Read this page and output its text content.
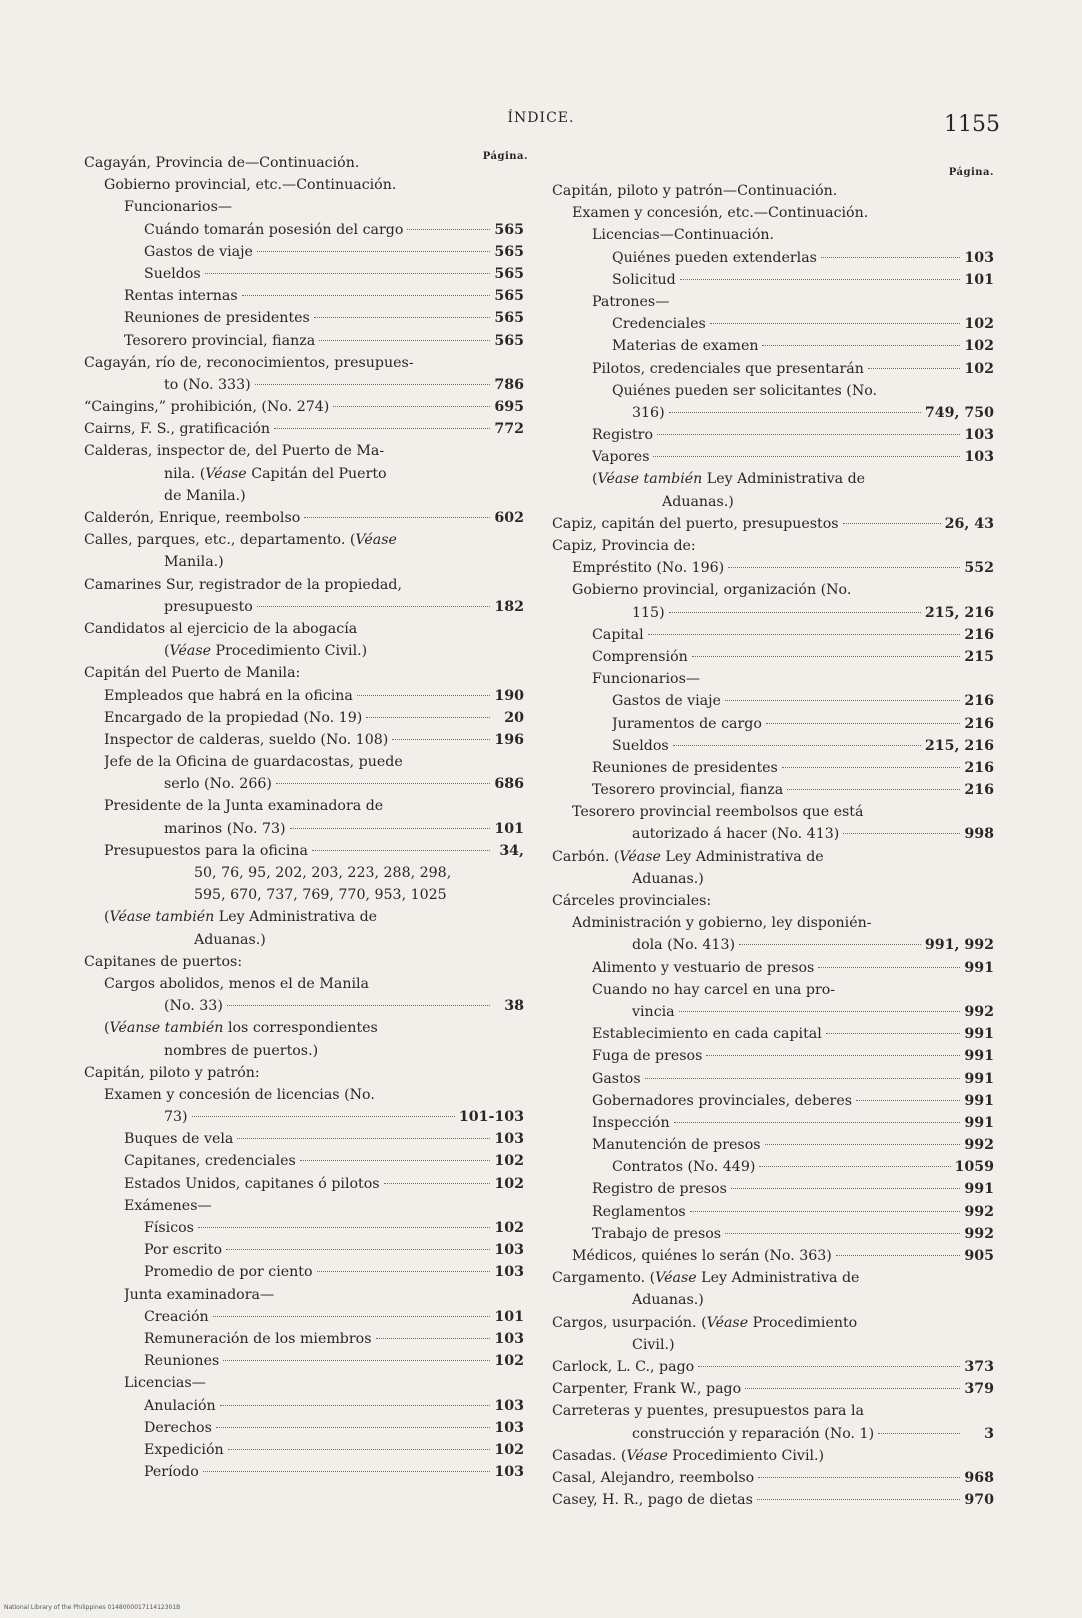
ÍNDICE.	1155
Página.
Cagayán, Provincia de—Continuación.
Gobierno provincial, etc.—Continuación.
Funcionarios—
Cuándo tomarán posesión del cargo	565
Gastos de viaje	565
Sueldos	565
Rentas internas	565
Reuniones de presidentes	565
Tesorero provincial, fianza	565
Cagayán, río de, reconocimientos, presupues-
to (No. 333)	786
“Caingins,” prohibición, (No. 274)	695
Cairns, F. S., gratificación	772
Calderas, inspector de, del Puerto de Ma-
nila. (Véase Capitán del Puerto
de Manila.)
Calderón, Enrique, reembolso	602
Calles, parques, etc., departamento. (Véase
Manila.)
Camarines Sur, registrador de la propiedad,
presupuesto	182
Candidatos al ejercicio de la abogacía
(Véase Procedimiento Civil.)
Capitán del Puerto de Manila:
Empleados que habrá en la oficina	190
Encargado de la propiedad (No. 19)	20
Inspector de calderas, sueldo (No. 108)	196
Jefe de la Oficina de guardacostas, puede
serlo (No. 266)	686
Presidente de la Junta examinadora de
marinos (No. 73)	101
Presupuestos para la oficina	34,
50, 76, 95, 202, 203, 223, 288, 298,
595, 670, 737, 769, 770, 953, 1025
(Véase también Ley Administrativa de
Aduanas.)
Capitanes de puertos:
Cargos abolidos, menos el de Manila
(No. 33)	38
(Véanse también los correspondientes
nombres de puertos.)
Capitán, piloto y patrón:
Examen y concesión de licencias (No.
73)	101-103
Buques de vela	103
Capitanes, credenciales	102
Estados Unidos, capitanes ó pilotos	102
Exámenes—
Físicos	102
Por escrito	103
Promedio de por ciento	103
Junta examinadora—
Creación	101
Remuneración de los miembros	103
Reuniones	102
Licencias—
Anulación	103
Derechos	103
Expedición	102
Período	103
Página.
Capitán, piloto y patrón—Continuación.
Examen y concesión, etc.—Continuación.
Licencias—Continuación.
Quiénes pueden extenderlas	103
Solicitud	101
Patrones—
Credenciales	102
Materias de examen	102
Pilotos, credenciales que presentarán	102
Quiénes pueden ser solicitantes (No.
316)	749, 750
Registro	103
Vapores	103
(Véase también Ley Administrativa de
Aduanas.)
Capiz, capitán del puerto, presupuestos	26, 43
Capiz, Provincia de:
Empréstito (No. 196)	552
Gobierno provincial, organización (No.
115)	215, 216
Capital	216
Comprensión	215
Funcionarios—
Gastos de viaje	216
Juramentos de cargo	216
Sueldos	215, 216
Reuniones de presidentes	216
Tesorero provincial, fianza	216
Tesorero provincial reembolsos que está
autorizado á hacer (No. 413)	998
Carbón. (Véase Ley Administrativa de
Aduanas.)
Cárceles provinciales:
Administración y gobierno, ley disponién-
dola (No. 413)	991, 992
Alimento y vestuario de presos	991
Cuando no hay carcel en una pro-
vincia	992
Establecimiento en cada capital	991
Fuga de presos	991
Gastos	991
Gobernadores provinciales, deberes	991
Inspección	991
Manutención de presos	992
Contratos (No. 449)	1059
Registro de presos	991
Reglamentos	992
Trabajo de presos	992
Médicos, quiénes lo serán (No. 363)	905
Cargamento. (Véase Ley Administrativa de
Aduanas.)
Cargos, usurpación. (Véase Procedimiento
Civil.)
Carlock, L. C., pago	373
Carpenter, Frank W., pago	379
Carreteras y puentes, presupuestos para la
construcción y reparación (No. 1)	3
Casadas. (Véase Procedimiento Civil.)
Casal, Alejandro, reembolso	968
Casey, H. R., pago de dietas	970
National Library of the Philippines 014800001711412301B
